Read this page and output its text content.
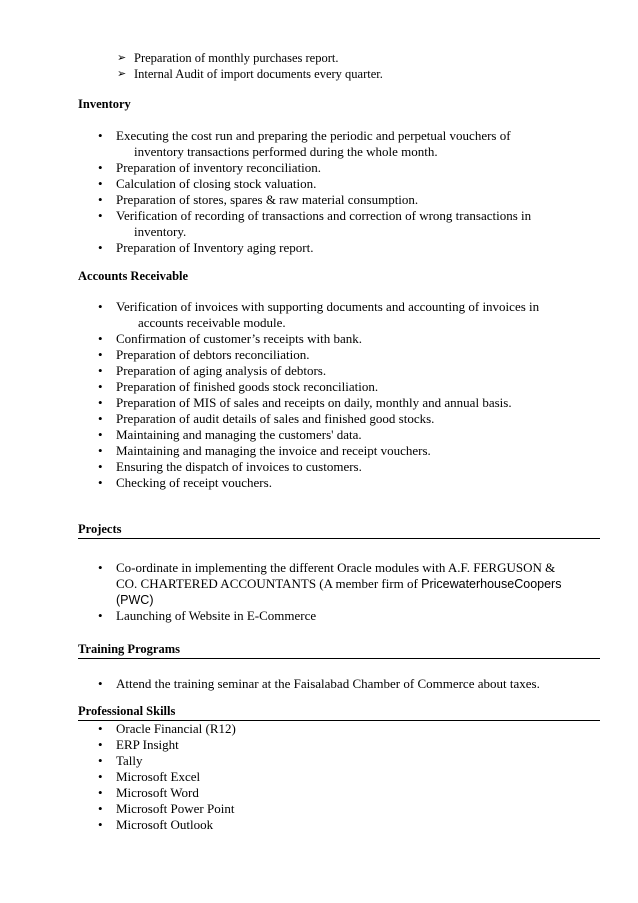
➢ Preparation of monthly purchases report.
➢ Internal Audit of import documents every quarter.
Inventory
• Executing the cost run and preparing the periodic and perpetual vouchers of
inventory transactions performed during the whole month.
• Preparation of inventory reconciliation.
• Calculation of closing stock valuation.
• Preparation of stores, spares & raw material consumption.
• Verification of recording of transactions and correction of wrong transactions in
inventory.
• Preparation of Inventory aging report.
Accounts Receivable
• Verification of invoices with supporting documents and accounting of invoices in
accounts receivable module.
• Confirmation of customer’s receipts with bank.
• Preparation of debtors reconciliation.
• Preparation of aging analysis of debtors.
• Preparation of finished goods stock reconciliation.
• Preparation of MIS of sales and receipts on daily, monthly and annual basis.
• Preparation of audit details of sales and finished good stocks.
• Maintaining and managing the customers' data.
• Maintaining and managing the invoice and receipt vouchers.
• Ensuring the dispatch of invoices to customers.
• Checking of receipt vouchers.
Projects
• Co-ordinate in implementing the different Oracle modules with A.F. FERGUSON &
CO. CHARTERED ACCOUNTANTS (A member firm of PricewaterhouseCoopers
(PWC)
• Launching of Website in E-Commerce
Training Programs
• Attend the training seminar at the Faisalabad Chamber of Commerce about taxes.
Professional Skills
• Oracle Financial (R12)
• ERP Insight
• Tally
• Microsoft Excel
• Microsoft Word
• Microsoft Power Point
• Microsoft Outlook
